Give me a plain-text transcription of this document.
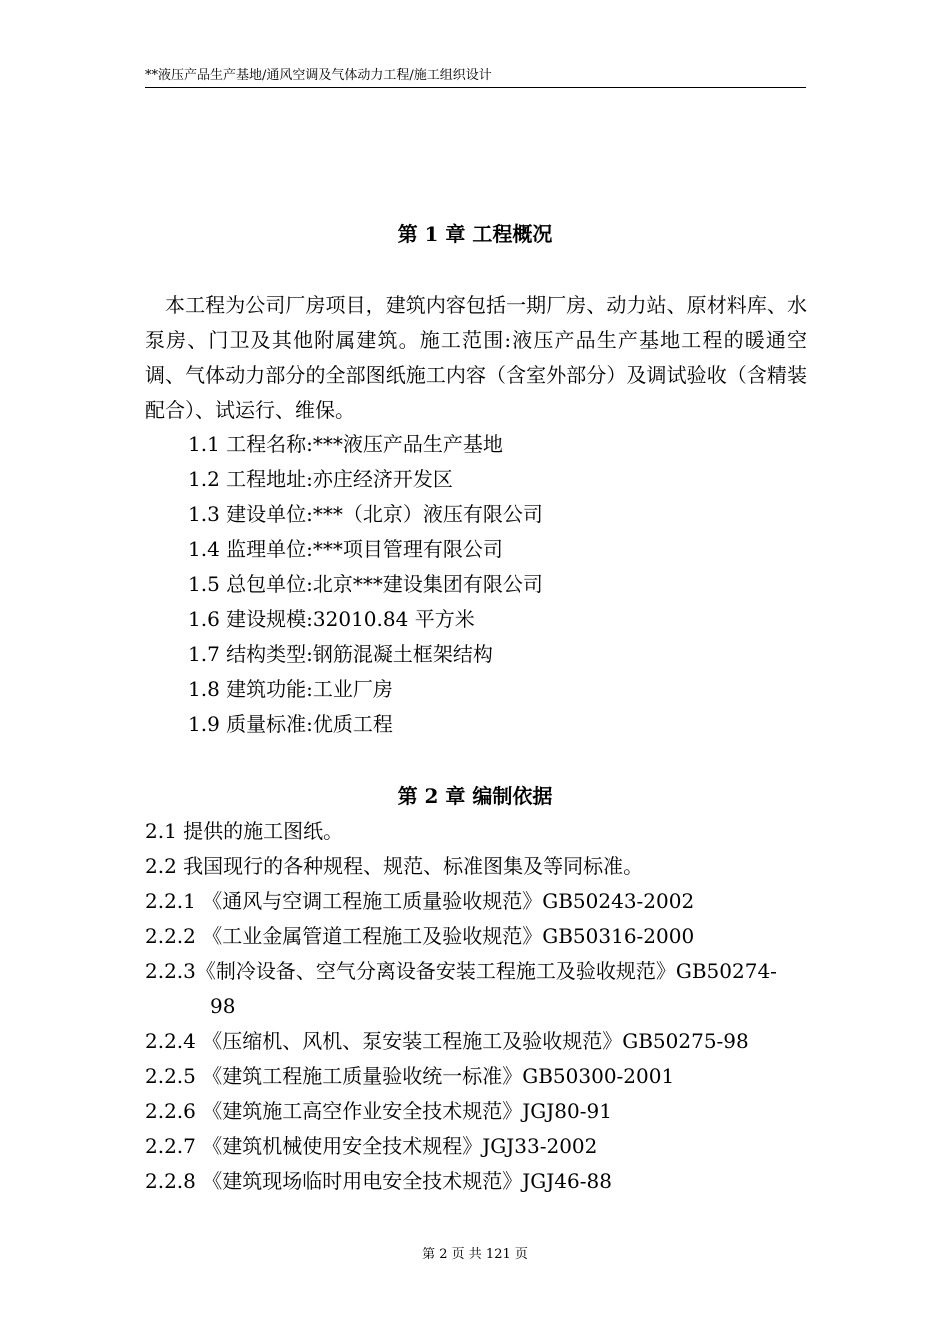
**液压产品生产基地/通风空调及气体动力工程/施工组织设计
第 1 章 工程概况
本工程为公司厂房项目，建筑内容包括一期厂房、动力站、原材料库、水泵房、门卫及其他附属建筑。施工范围:液压产品生产基地工程的暖通空调、气体动力部分的全部图纸施工内容（含室外部分）及调试验收（含精装配合）、试运行、维保。
1.1 工程名称:***液压产品生产基地
1.2 工程地址:亦庄经济开发区
1.3 建设单位:***（北京）液压有限公司
1.4 监理单位:***项目管理有限公司
1.5 总包单位:北京***建设集团有限公司
1.6 建设规模:32010.84 平方米
1.7 结构类型:钢筋混凝土框架结构
1.8 建筑功能:工业厂房
1.9 质量标准:优质工程
第 2 章 编制依据
2.1 提供的施工图纸。
2.2 我国现行的各种规程、规范、标准图集及等同标准。
2.2.1 《通风与空调工程施工质量验收规范》GB50243-2002
2.2.2 《工业金属管道工程施工及验收规范》GB50316-2000
2.2.3《制冷设备、空气分离设备安装工程施工及验收规范》GB50274-
98
2.2.4 《压缩机、风机、泵安装工程施工及验收规范》GB50275-98
2.2.5 《建筑工程施工质量验收统一标准》GB50300-2001
2.2.6 《建筑施工高空作业安全技术规范》JGJ80-91
2.2.7 《建筑机械使用安全技术规程》JGJ33-2002
2.2.8 《建筑现场临时用电安全技术规范》JGJ46-88
第 2 页 共 121 页
